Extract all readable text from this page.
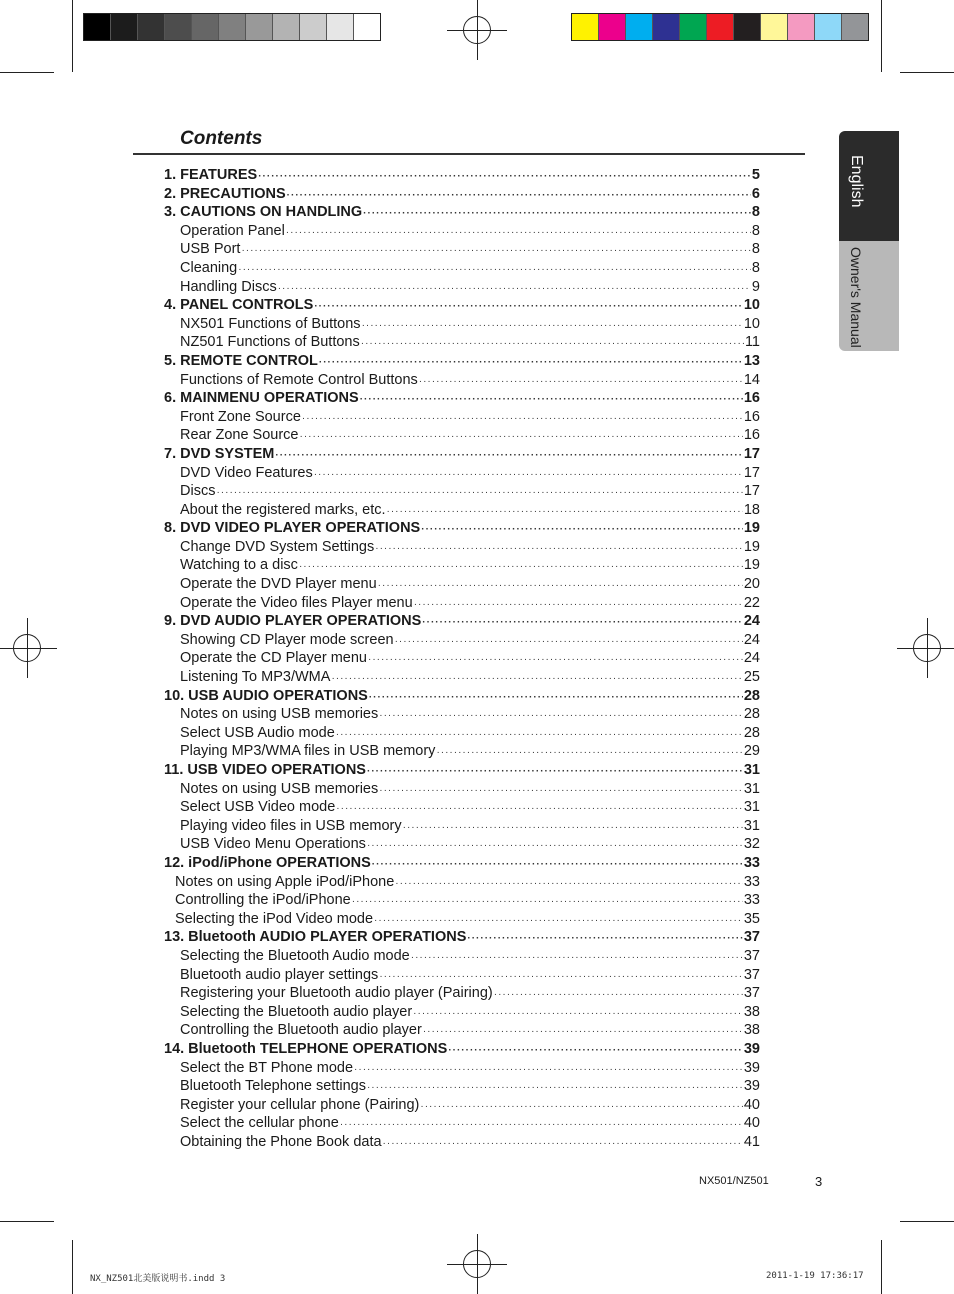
Contents
English
Owner's Manual
1. FEATURES ·····	5
2. PRECAUTIONS ·····	6
3. CAUTIONS ON HANDLING ·····	8
Operation Panel ·····	8
USB Port ·····	8
Cleaning ·····	8
Handling Discs ·····	9
4. PANEL CONTROLS ·····	10
NX501 Functions of Buttons ·····	10
NZ501 Functions of Buttons ·····	11
5. REMOTE CONTROL ·····	13
Functions of Remote Control Buttons ·····	14
6. MAINMENU OPERATIONS ·····	16
Front Zone Source ·····	16
Rear Zone Source ·····	16
7. DVD SYSTEM ·····	17
DVD Video Features ·····	17
Discs ·····	17
About the registered marks, etc. ·····	18
8. DVD VIDEO PLAYER OPERATIONS ·····	19
Change DVD System Settings ·····	19
Watching to a disc ·····	19
Operate the DVD Player menu ·····	20
Operate the Video files Player menu ·····	22
9. DVD AUDIO PLAYER OPERATIONS ·····	24
Showing CD Player mode screen ·····	24
Operate the CD Player menu ·····	24
Listening To MP3/WMA ·····	25
10. USB AUDIO OPERATIONS ·····	28
Notes on using USB memories ·····	28
Select USB Audio mode ·····	28
Playing MP3/WMA files in USB memory ·····	29
11. USB VIDEO OPERATIONS ·····	31
Notes on using USB memories ·····	31
Select USB Video mode ·····	31
Playing video files in USB memory ·····	31
USB Video Menu Operations ·····	32
12. iPod/iPhone OPERATIONS ·····	33
Notes on using Apple iPod/iPhone ·····	33
Controlling the iPod/iPhone ·····	33
Selecting the iPod Video mode ·····	35
13. Bluetooth AUDIO PLAYER OPERATIONS ·····	37
Selecting the Bluetooth Audio mode ·····	37
Bluetooth audio player settings ·····	37
Registering your Bluetooth audio player (Pairing) ·····	37
Selecting the Bluetooth audio player ·····	38
Controlling the Bluetooth audio player ·····	38
14. Bluetooth TELEPHONE OPERATIONS ·····	39
Select the BT Phone mode ·····	39
Bluetooth Telephone settings ·····	39
Register your cellular phone (Pairing) ·····	40
Select the cellular phone ·····	40
Obtaining the Phone Book data ·····	41
NX501/NZ501	3
NX_NZ501北美版说明书.indd 3	2011-1-19 17:36:17
